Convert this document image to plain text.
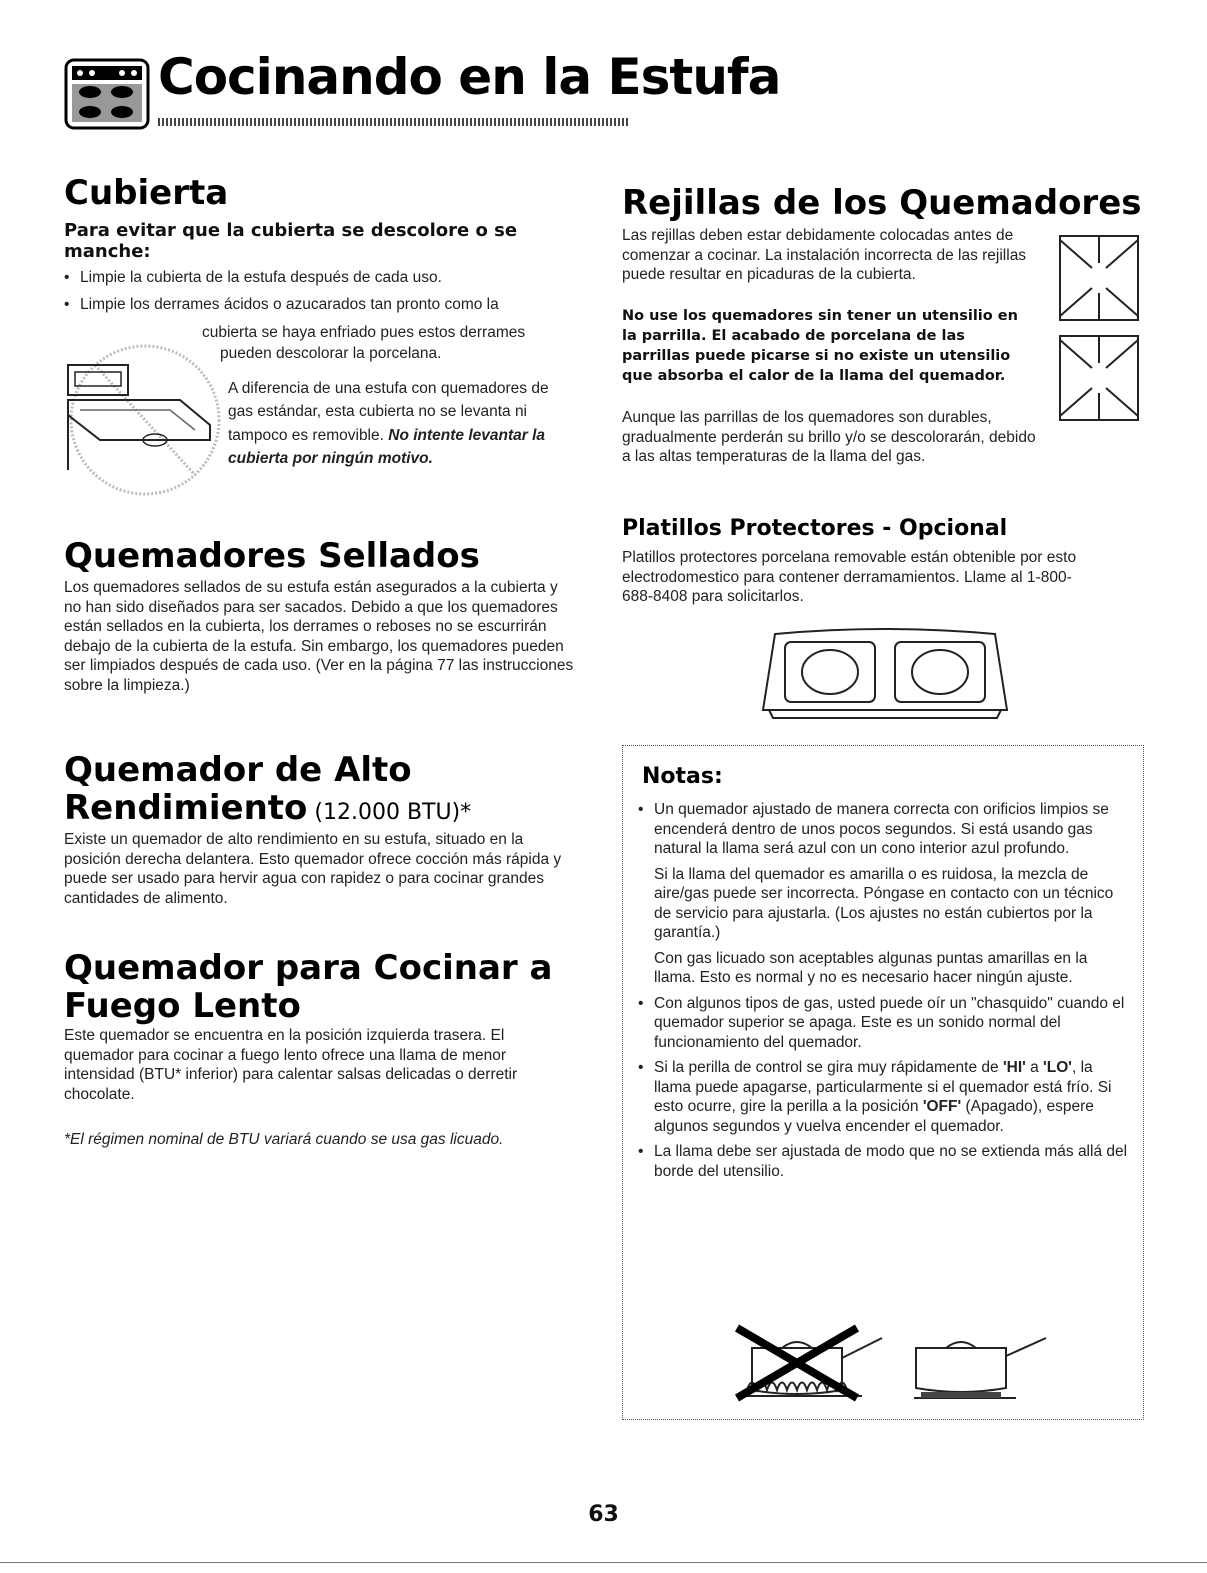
Cocinando en la Estufa
Cubierta

Para evitar que la cubierta se descolore o se manche:

• Limpie la cubierta de la estufa después de cada uso.
• Limpie los derrames ácidos o azucarados tan pronto como la

cubierta se haya enfriado pues estos derrames

pueden descolorar la porcelana.

A diferencia de una estufa con quemadores de

gas estándar, esta cubierta no se levanta ni

tampoco es removible. No intente levantar la

cubierta por ningún motivo.

Rejillas de los Quemadores

Las rejillas deben estar debidamente colocadas antes de comenzar a cocinar. La instalación incorrecta de las rejillas puede resultar en picaduras de la cubierta.

No use los quemadores sin tener un utensilio en la parrilla. El acabado de porcelana de las parrillas puede picarse si no existe un utensilio que absorba el calor de la llama del quemador.

Aunque las parrillas de los quemadores son durables, gradualmente perderán su brillo y/o se descolorarán, debido a las altas temperaturas de la llama del gas.

Quemadores Sellados

Los quemadores sellados de su estufa están asegurados a la cubierta y no han sido diseñados para ser sacados. Debido a que los quemadores están sellados en la cubierta, los derrames o reboses no se escurrirán debajo de la cubierta de la estufa. Sin embargo, los quemadores pueden ser limpiados después de cada uso. (Ver en la página 77 las instrucciones sobre la limpieza.)

Platillos Protectores - Opcional

Platillos protectores porcelana removable están obtenible por esto electrodomestico para contener derramamientos. Llame al 1-800-688-8408 para solicitarlos.

Quemador de Alto
Rendimiento (12.000 BTU)*

Existe un quemador de alto rendimiento en su estufa, situado en la posición derecha delantera. Esto quemador ofrece cocción más rápida y puede ser usado para hervir agua con rapidez o para cocinar grandes cantidades de alimento.

Quemador para Cocinar a
Fuego Lento

Este quemador se encuentra en la posición izquierda trasera. El quemador para cocinar a fuego lento ofrece una llama de menor intensidad (BTU* inferior) para calentar salsas delicadas o derretir chocolate.

*El régimen nominal de BTU variará cuando se usa gas licuado.

Notas:
• Un quemador ajustado de manera correcta con orificios limpios se encenderá dentro de unos pocos segundos. Si está usando gas natural la llama será azul con un cono interior azul profundo.
Si la llama del quemador es amarilla o es ruidosa, la mezcla de aire/gas puede ser incorrecta. Póngase en contacto con un técnico de servicio para ajustarla. (Los ajustes no están cubiertos por la garantía.)
Con gas licuado son aceptables algunas puntas amarillas en la llama. Esto es normal y no es necesario hacer ningún ajuste.
• Con algunos tipos de gas, usted puede oír un "chasquido" cuando el quemador superior se apaga. Este es un sonido normal del funcionamiento del quemador.
• Si la perilla de control se gira muy rápidamente de 'HI' a 'LO', la llama puede apagarse, particularmente si el quemador está frío. Si esto ocurre, gire la perilla a la posición 'OFF' (Apagado), espere algunos segundos y vuelva encender el quemador.
• La llama debe ser ajustada de modo que no se extienda más allá del borde del utensilio.
63
